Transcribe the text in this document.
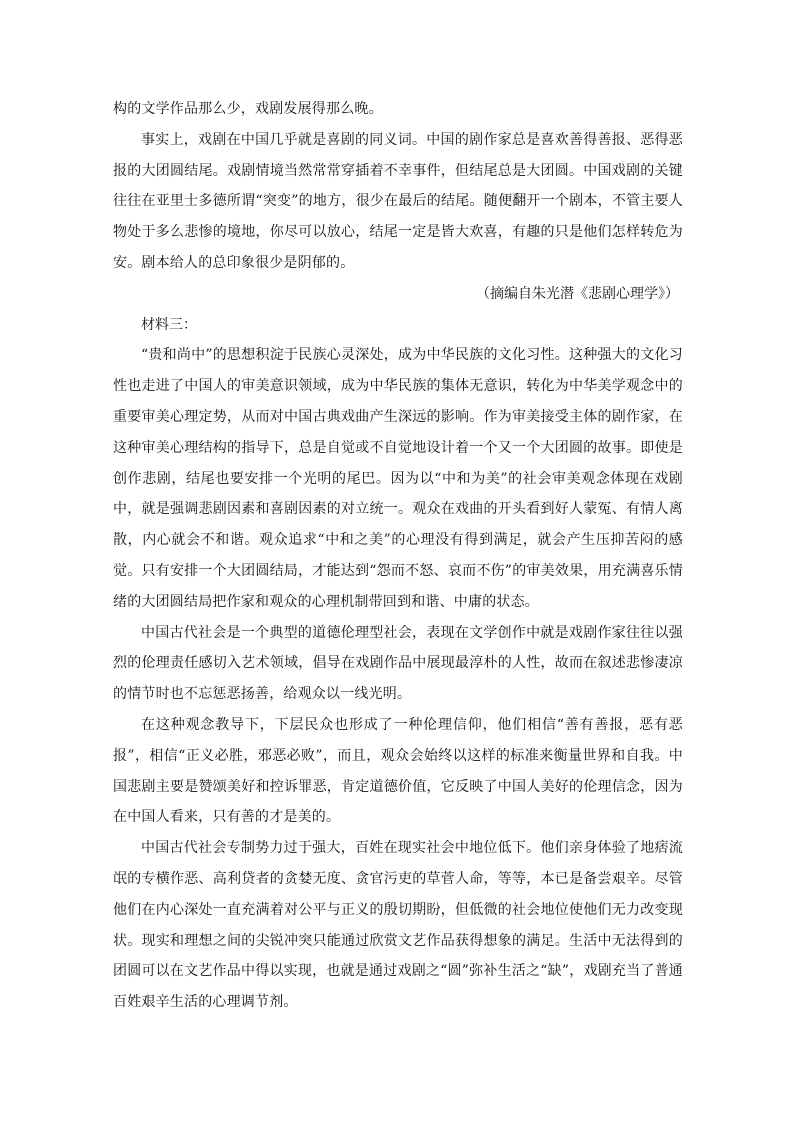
构的文学作品那么少，戏剧发展得那么晚。

事实上，戏剧在中国几乎就是喜剧的同义词。中国的剧作家总是喜欢善得善报、恶得恶报的大团圆结尾。戏剧情境当然常常穿插着不幸事件，但结尾总是大团圆。中国戏剧的关键往往在亚里士多德所谓“突变”的地方，很少在最后的结尾。随便翻开一个剧本，不管主要人物处于多么悲惨的境地，你尽可以放心，结尾一定是皆大欢喜，有趣的只是他们怎样转危为安。剧本给人的总印象很少是阴郁的。

（摘编自朱光潜《悲剧心理学》）

材料三：

“贵和尚中”的思想积淀于民族心灵深处，成为中华民族的文化习性。这种强大的文化习性也走进了中国人的审美意识领域，成为中华民族的集体无意识，转化为中华美学观念中的重要审美心理定势，从而对中国古典戏曲产生深远的影响。作为审美接受主体的剧作家，在这种审美心理结构的指导下，总是自觉或不自觉地设计着一个又一个大团圆的故事。即使是创作悲剧，结尾也要安排一个光明的尾巴。因为以“中和为美”的社会审美观念体现在戏剧中，就是强调悲剧因素和喜剧因素的对立统一。观众在戏曲的开头看到好人蒙冤、有情人离散，内心就会不和谐。观众追求“中和之美”的心理没有得到满足，就会产生压抑苦闷的感觉。只有安排一个大团圆结局，才能达到“怨而不怒、哀而不伤”的审美效果，用充满喜乐情绪的大团圆结局把作家和观众的心理机制带回到和谐、中庸的状态。

中国古代社会是一个典型的道德伦理型社会，表现在文学创作中就是戏剧作家往往以强烈的伦理责任感切入艺术领域，倡导在戏剧作品中展现最淳朴的人性，故而在叙述悲惨凄凉的情节时也不忘惩恶扬善，给观众以一线光明。

在这种观念教导下，下层民众也形成了一种伦理信仰，他们相信“善有善报，恶有恶报”，相信“正义必胜，邪恶必败”，而且，观众会始终以这样的标准来衡量世界和自我。中国悲剧主要是赞颂美好和控诉罪恶，肯定道德价值，它反映了中国人美好的伦理信念，因为在中国人看来，只有善的才是美的。

中国古代社会专制势力过于强大，百姓在现实社会中地位低下。他们亲身体验了地痞流氓的专横作恶、高利贷者的贪婪无度、贪官污吏的草菅人命，等等，本已是备尝艰辛。尽管他们在内心深处一直充满着对公平与正义的殷切期盼，但低微的社会地位使他们无力改变现状。现实和理想之间的尖锐冲突只能通过欣赏文艺作品获得想象的满足。生活中无法得到的团圆可以在文艺作品中得以实现，也就是通过戏剧之“圆”弥补生活之“缺”，戏剧充当了普通百姓艰辛生活的心理调节剂。
